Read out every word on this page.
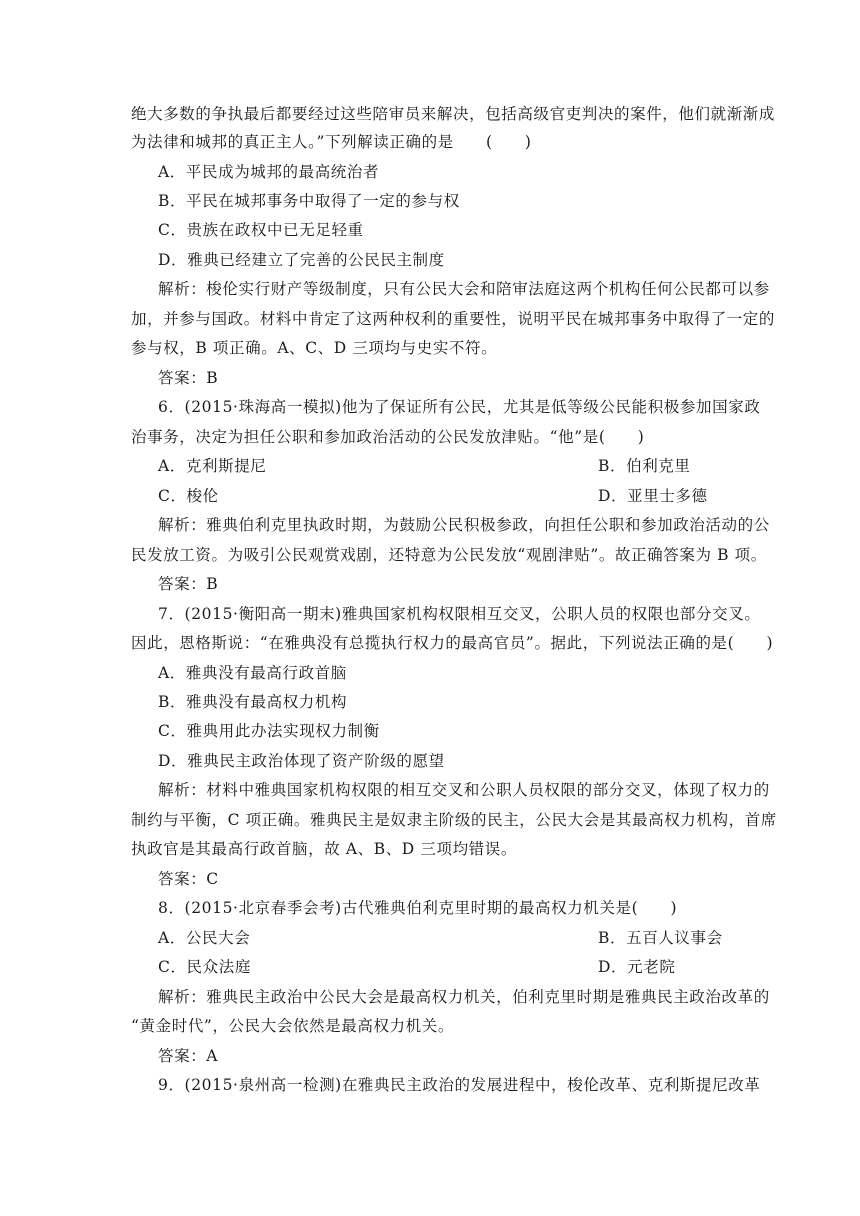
绝大多数的争执最后都要经过这些陪审员来解决，包括高级官吏判决的案件，他们就渐渐成
为法律和城邦的真正主人。”下列解读正确的是　　(　　)
A．平民成为城邦的最高统治者
B．平民在城邦事务中取得了一定的参与权
C．贵族在政权中已无足轻重
D．雅典已经建立了完善的公民民主制度
解析：梭伦实行财产等级制度，只有公民大会和陪审法庭这两个机构任何公民都可以参
加，并参与国政。材料中肯定了这两种权利的重要性，说明平民在城邦事务中取得了一定的
参与权，B 项正确。A、C、D 三项均与史实不符。
答案：B
6．(2015·珠海高一模拟)他为了保证所有公民，尤其是低等级公民能积极参加国家政
治事务，决定为担任公职和参加政治活动的公民发放津贴。“他”是(　　)
A．克利斯提尼	B．伯利克里
C．梭伦	D．亚里士多德
解析：雅典伯利克里执政时期，为鼓励公民积极参政，向担任公职和参加政治活动的公
民发放工资。为吸引公民观赏戏剧，还特意为公民发放“观剧津贴”。故正确答案为 B 项。
答案：B
7．(2015·衡阳高一期末)雅典国家机构权限相互交叉，公职人员的权限也部分交叉。
因此，恩格斯说：“在雅典没有总揽执行权力的最高官员”。据此，下列说法正确的是(　　)
A．雅典没有最高行政首脑
B．雅典没有最高权力机构
C．雅典用此办法实现权力制衡
D．雅典民主政治体现了资产阶级的愿望
解析：材料中雅典国家机构权限的相互交叉和公职人员权限的部分交叉，体现了权力的
制约与平衡，C 项正确。雅典民主是奴隶主阶级的民主，公民大会是其最高权力机构，首席
执政官是其最高行政首脑，故 A、B、D 三项均错误。
答案：C
8．(2015·北京春季会考)古代雅典伯利克里时期的最高权力机关是(　　)
A．公民大会	B．五百人议事会
C．民众法庭	D．元老院
解析：雅典民主政治中公民大会是最高权力机关，伯利克里时期是雅典民主政治改革的
“黄金时代”，公民大会依然是最高权力机关。
答案：A
9．(2015·泉州高一检测)在雅典民主政治的发展进程中，梭伦改革、克利斯提尼改革
